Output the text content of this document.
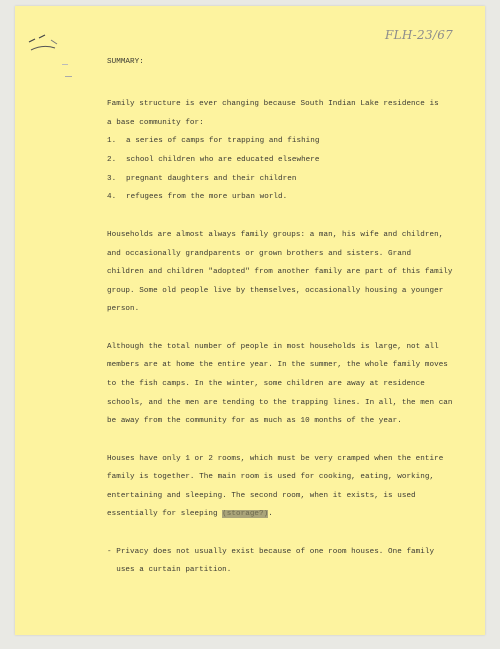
FLH-23/67
SUMMARY:
Family structure is ever changing because South Indian Lake residence is
a base community for:
1. a series of camps for trapping and fishing
2. school children who are educated elsewhere
3. pregnant daughters and their children
4. refugees from the more urban world.
Households are almost always family groups: a man, his wife and children,
and occasionally grandparents or grown brothers and sisters. Grand
children and children "adopted" from another family are part of this family
group. Some old people live by themselves, occasionally housing a younger
person.
Although the total number of people in most households is large, not all
members are at home the entire year. In the summer, the whole family moves
to the fish camps. In the winter, some children are away at residence
schools, and the men are tending to the trapping lines. In all, the men can
be away from the community for as much as 10 months of the year.
Houses have only 1 or 2 rooms, which must be very cramped when the entire
family is together. The main room is used for cooking, eating, working,
entertaining and sleeping. The second room, when it exists, is used
essentially for sleeping (storage?).
- Privacy does not usually exist because of one room houses. One family
uses a curtain partition.
